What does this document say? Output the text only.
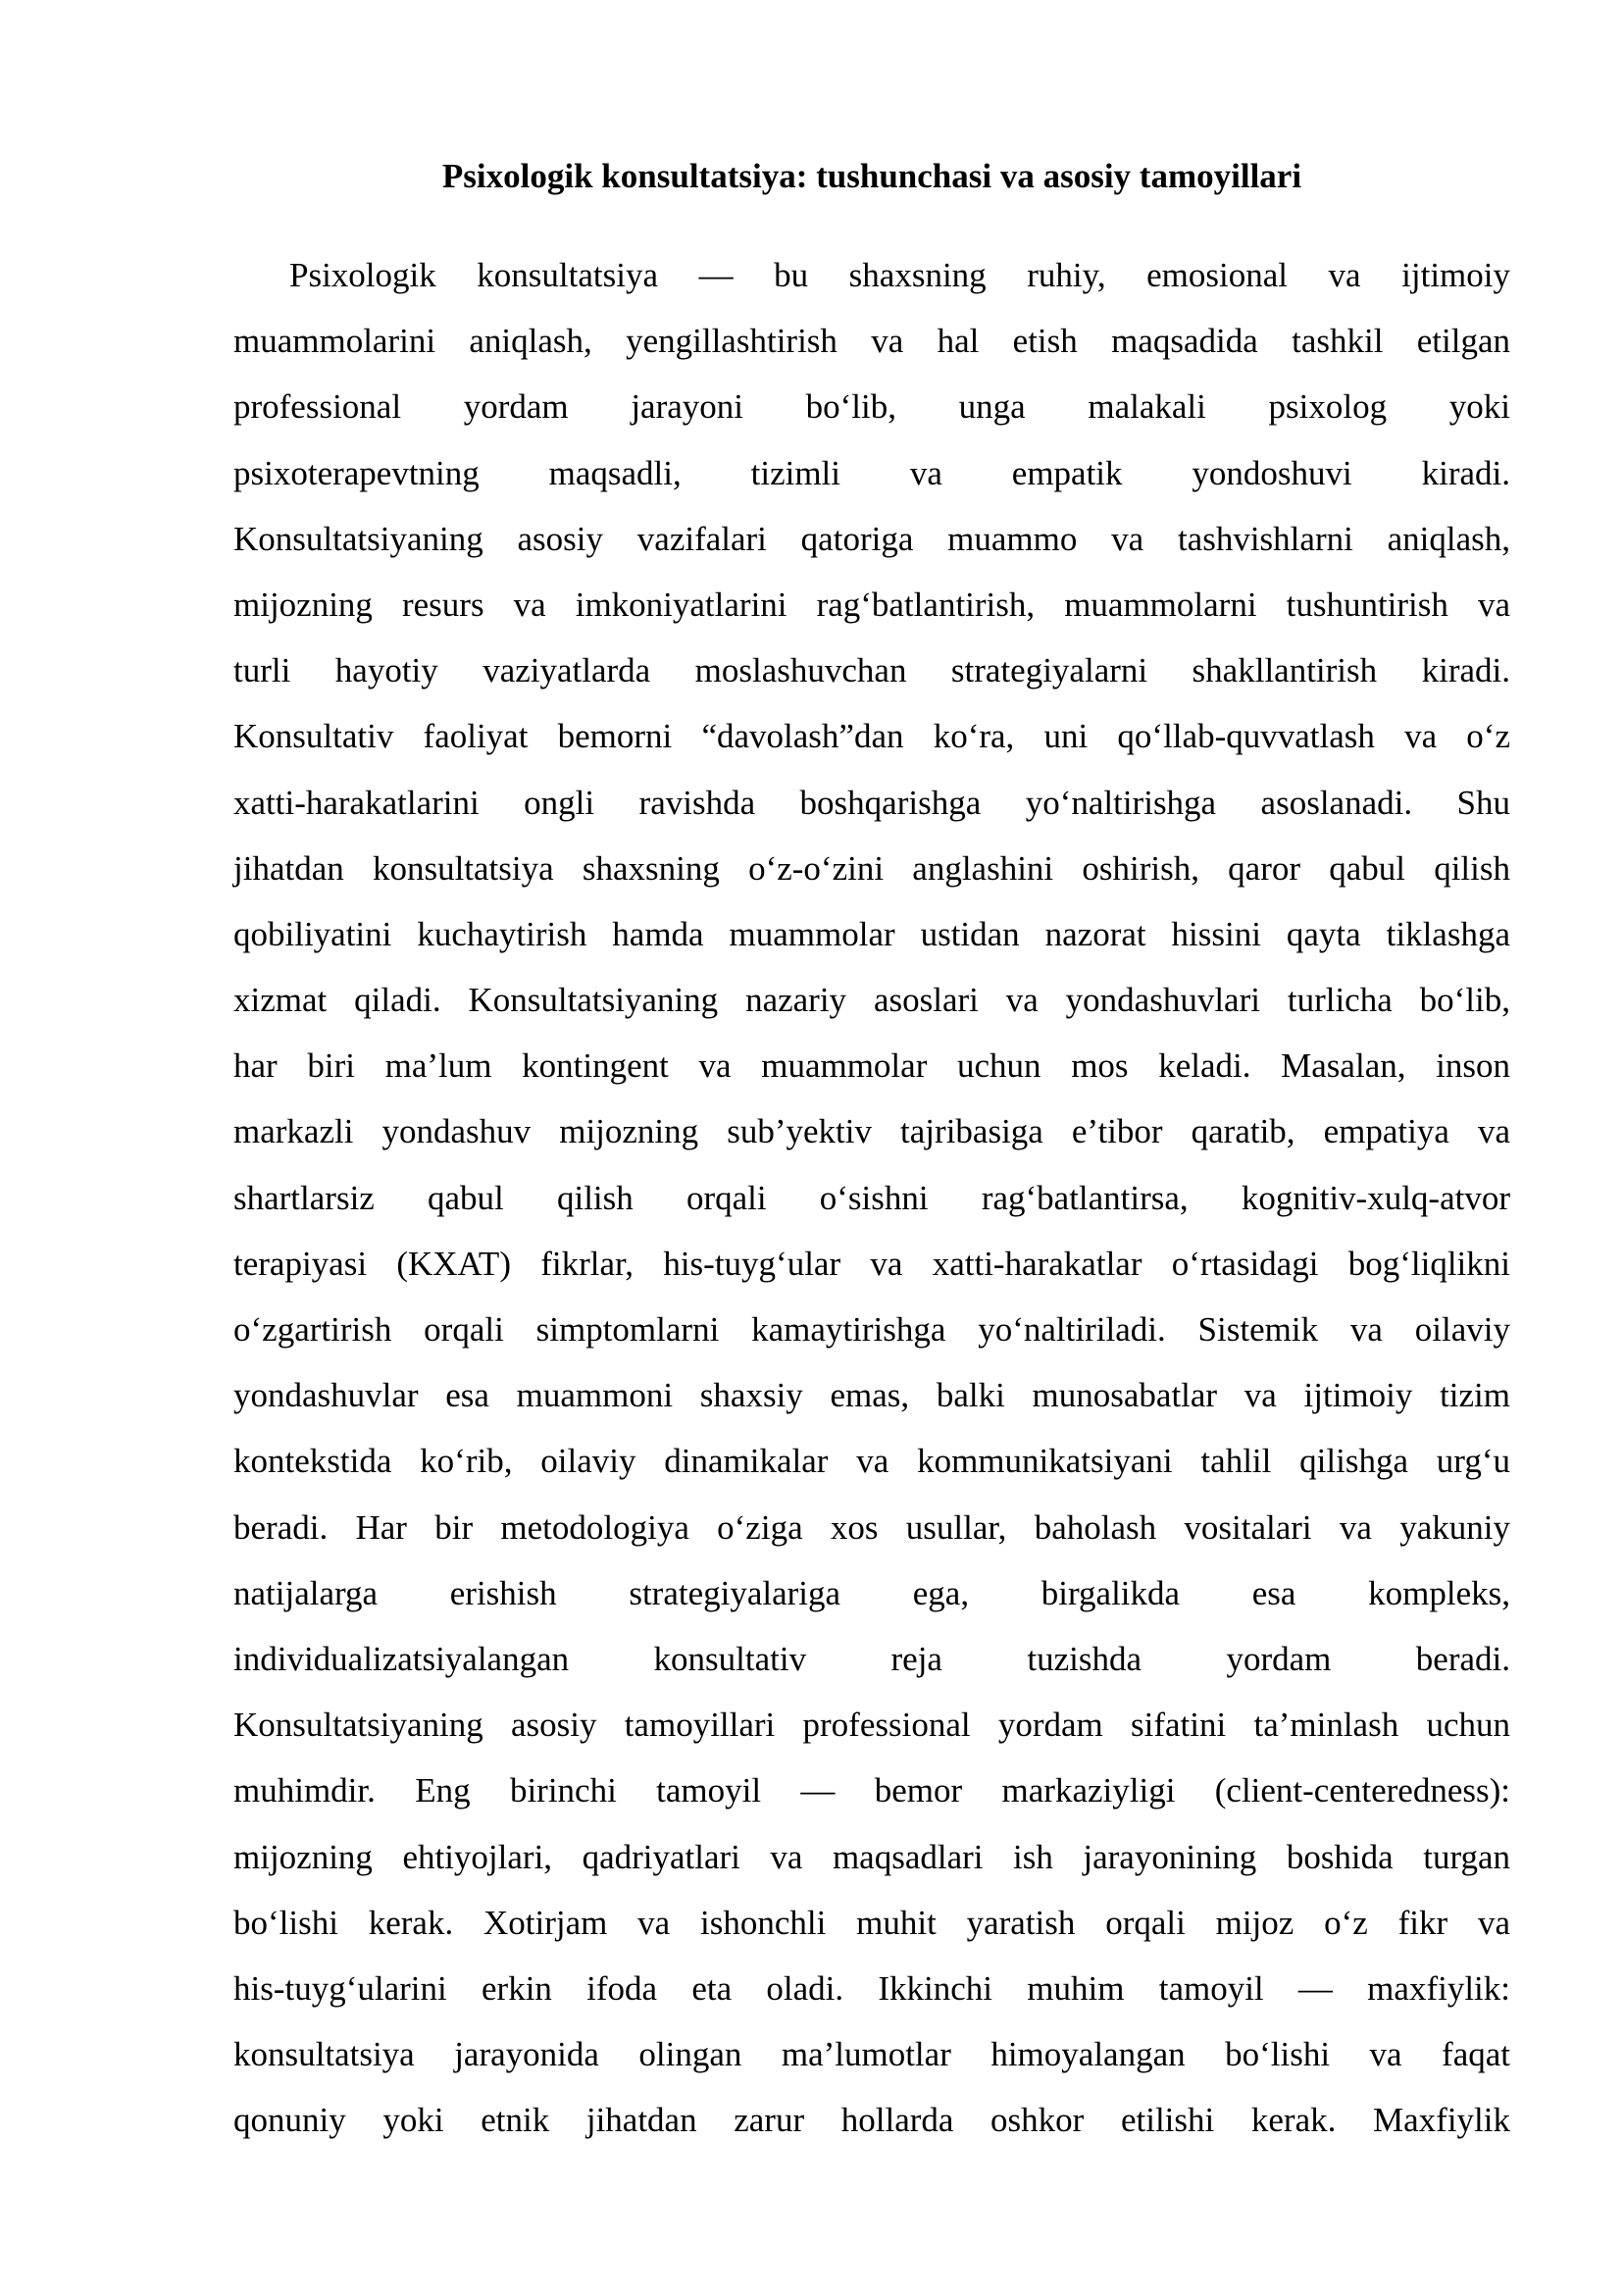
Psixologik konsultatsiya: tushunchasi va asosiy tamoyillari
Psixologik konsultatsiya — bu shaxsning ruhiy, emosional va ijtimoiy
muammolarini aniqlash, yengillashtirish va hal etish maqsadida tashkil etilgan
professional yordam jarayoni bo‘lib, unga malakali psixolog yoki
psixoterapevtning maqsadli, tizimli va empatik yondoshuvi kiradi.
Konsultatsiyaning asosiy vazifalari qatoriga muammo va tashvishlarni aniqlash,
mijozning resurs va imkoniyatlarini rag‘batlantirish, muammolarni tushuntirish va
turli hayotiy vaziyatlarda moslashuvchan strategiyalarni shakllantirish kiradi.
Konsultativ faoliyat bemorni “davolash”dan ko‘ra, uni qo‘llab-quvvatlash va o‘z
xatti-harakatlarini ongli ravishda boshqarishga yo‘naltirishga asoslanadi. Shu
jihatdan konsultatsiya shaxsning o‘z-o‘zini anglashini oshirish, qaror qabul qilish
qobiliyatini kuchaytirish hamda muammolar ustidan nazorat hissini qayta tiklashga
xizmat qiladi. Konsultatsiyaning nazariy asoslari va yondashuvlari turlicha bo‘lib,
har biri ma’lum kontingent va muammolar uchun mos keladi. Masalan, inson
markazli yondashuv mijozning sub’yektiv tajribasiga e’tibor qaratib, empatiya va
shartlarsiz qabul qilish orqali o‘sishni rag‘batlantirsa, kognitiv-xulq-atvor
terapiyasi (KXAT) fikrlar, his-tuyg‘ular va xatti-harakatlar o‘rtasidagi bog‘liqlikni
o‘zgartirish orqali simptomlarni kamaytirishga yo‘naltiriladi. Sistemik va oilaviy
yondashuvlar esa muammoni shaxsiy emas, balki munosabatlar va ijtimoiy tizim
kontekstida ko‘rib, oilaviy dinamikalar va kommunikatsiyani tahlil qilishga urg‘u
beradi. Har bir metodologiya o‘ziga xos usullar, baholash vositalari va yakuniy
natijalarga erishish strategiyalariga ega, birgalikda esa kompleks,
individualizatsiyalangan konsultativ reja tuzishda yordam beradi.
Konsultatsiyaning asosiy tamoyillari professional yordam sifatini ta’minlash uchun
muhimdir. Eng birinchi tamoyil — bemor markaziyligi (client-centeredness):
mijozning ehtiyojlari, qadriyatlari va maqsadlari ish jarayonining boshida turgan
bo‘lishi kerak. Xotirjam va ishonchli muhit yaratish orqali mijoz o‘z fikr va
his-tuyg‘ularini erkin ifoda eta oladi. Ikkinchi muhim tamoyil — maxfiylik:
konsultatsiya jarayonida olingan ma’lumotlar himoyalangan bo‘lishi va faqat
qonuniy yoki etnik jihatdan zarur hollarda oshkor etilishi kerak. Maxfiylik
